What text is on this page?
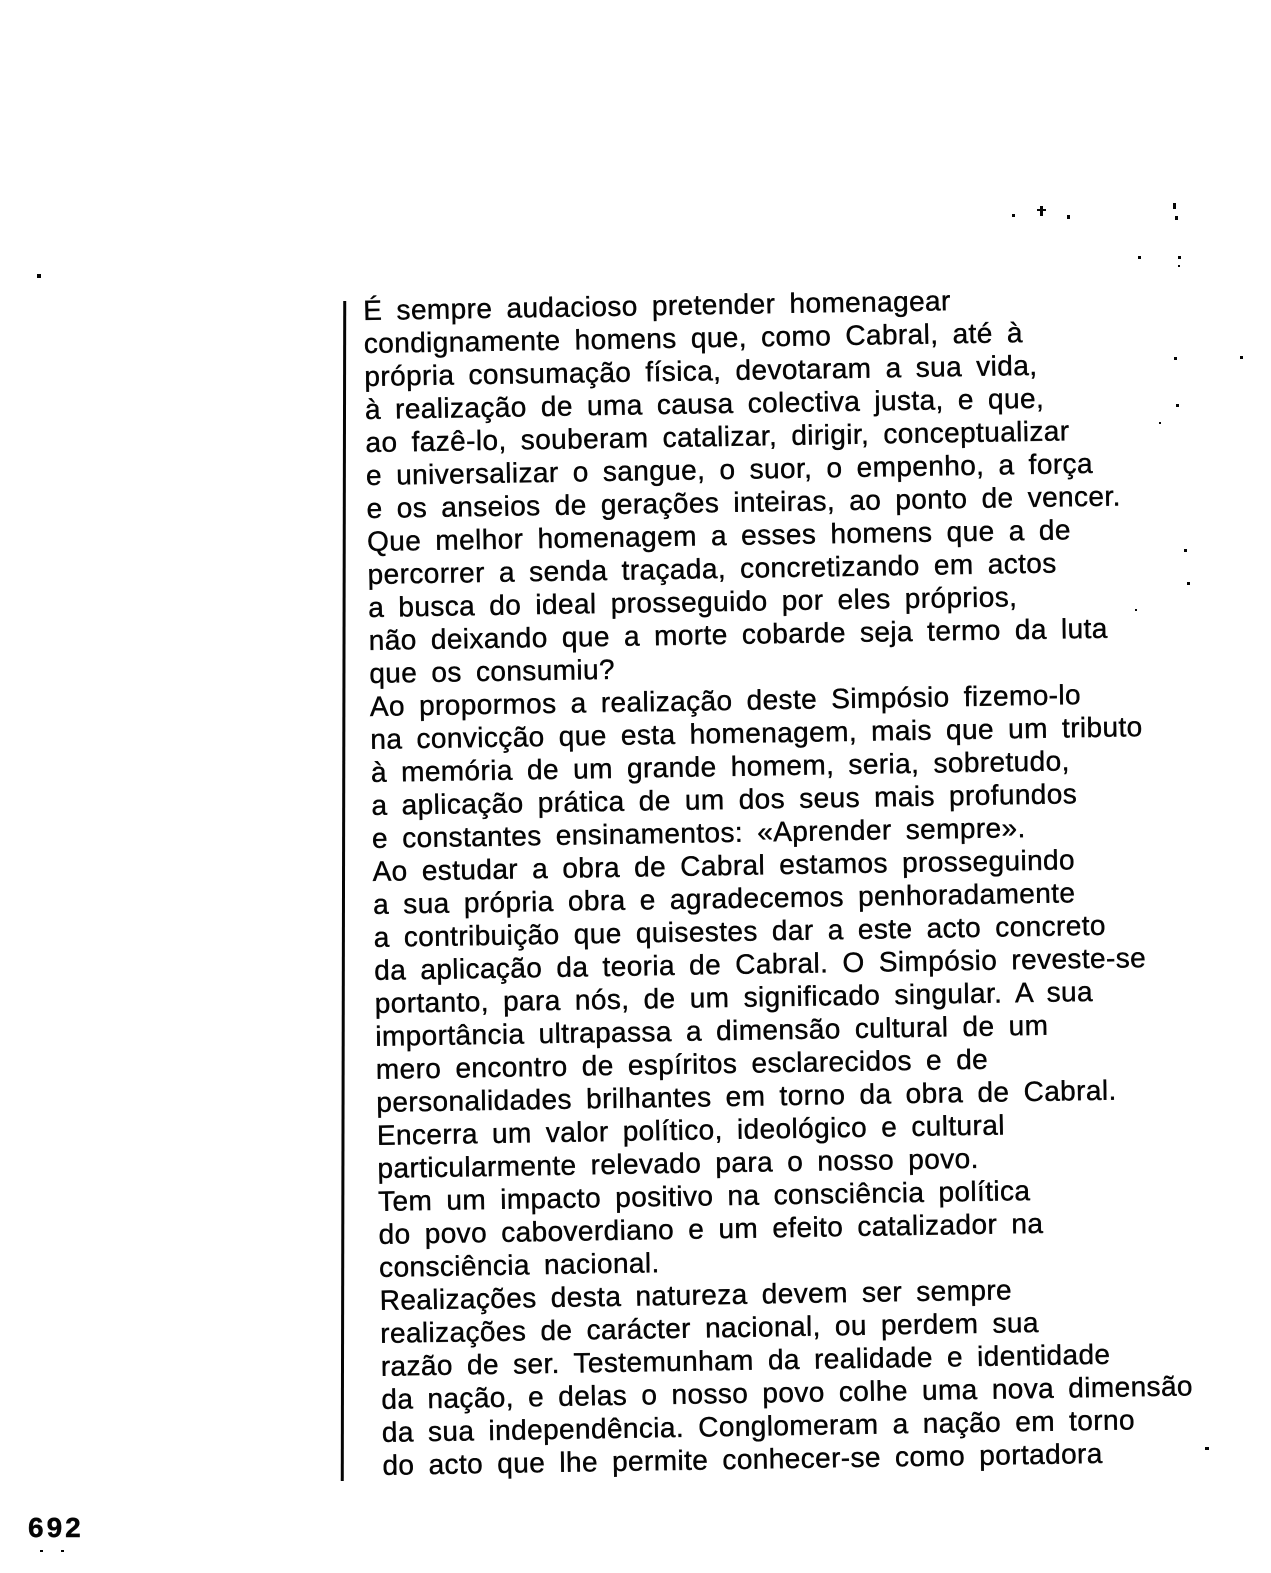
É sempre audacioso pretender homenagear
condignamente homens que, como Cabral, até à
própria consumação física, devotaram a sua vida,
à realização de uma causa colectiva justa, e que,
ao fazê-lo, souberam catalizar, dirigir, conceptualizar
e universalizar o sangue, o suor, o empenho, a força
e os anseios de gerações inteiras, ao ponto de vencer.
Que melhor homenagem a esses homens que a de
percorrer a senda traçada, concretizando em actos
a busca do ideal prosseguido por eles próprios,
não deixando que a morte cobarde seja termo da luta
que os consumiu?
Ao propormos a realização deste Simpósio fizemo-lo
na convicção que esta homenagem, mais que um tributo
à memória de um grande homem, seria, sobretudo,
a aplicação prática de um dos seus mais profundos
e constantes ensinamentos: «Aprender sempre».
Ao estudar a obra de Cabral estamos prosseguindo
a sua própria obra e agradecemos penhoradamente
a contribuição que quisestes dar a este acto concreto
da aplicação da teoria de Cabral. O Simpósio reveste-se
portanto, para nós, de um significado singular. A sua
importância ultrapassa a dimensão cultural de um
mero encontro de espíritos esclarecidos e de
personalidades brilhantes em torno da obra de Cabral.
Encerra um valor político, ideológico e cultural
particularmente relevado para o nosso povo.
Tem um impacto positivo na consciência política
do povo caboverdiano e um efeito catalizador na
consciência nacional.
Realizações desta natureza devem ser sempre
realizações de carácter nacional, ou perdem sua
razão de ser. Testemunham da realidade e identidade
da nação, e delas o nosso povo colhe uma nova dimensão
da sua independência. Conglomeram a nação em torno
do acto que lhe permite conhecer-se como portadora
692
